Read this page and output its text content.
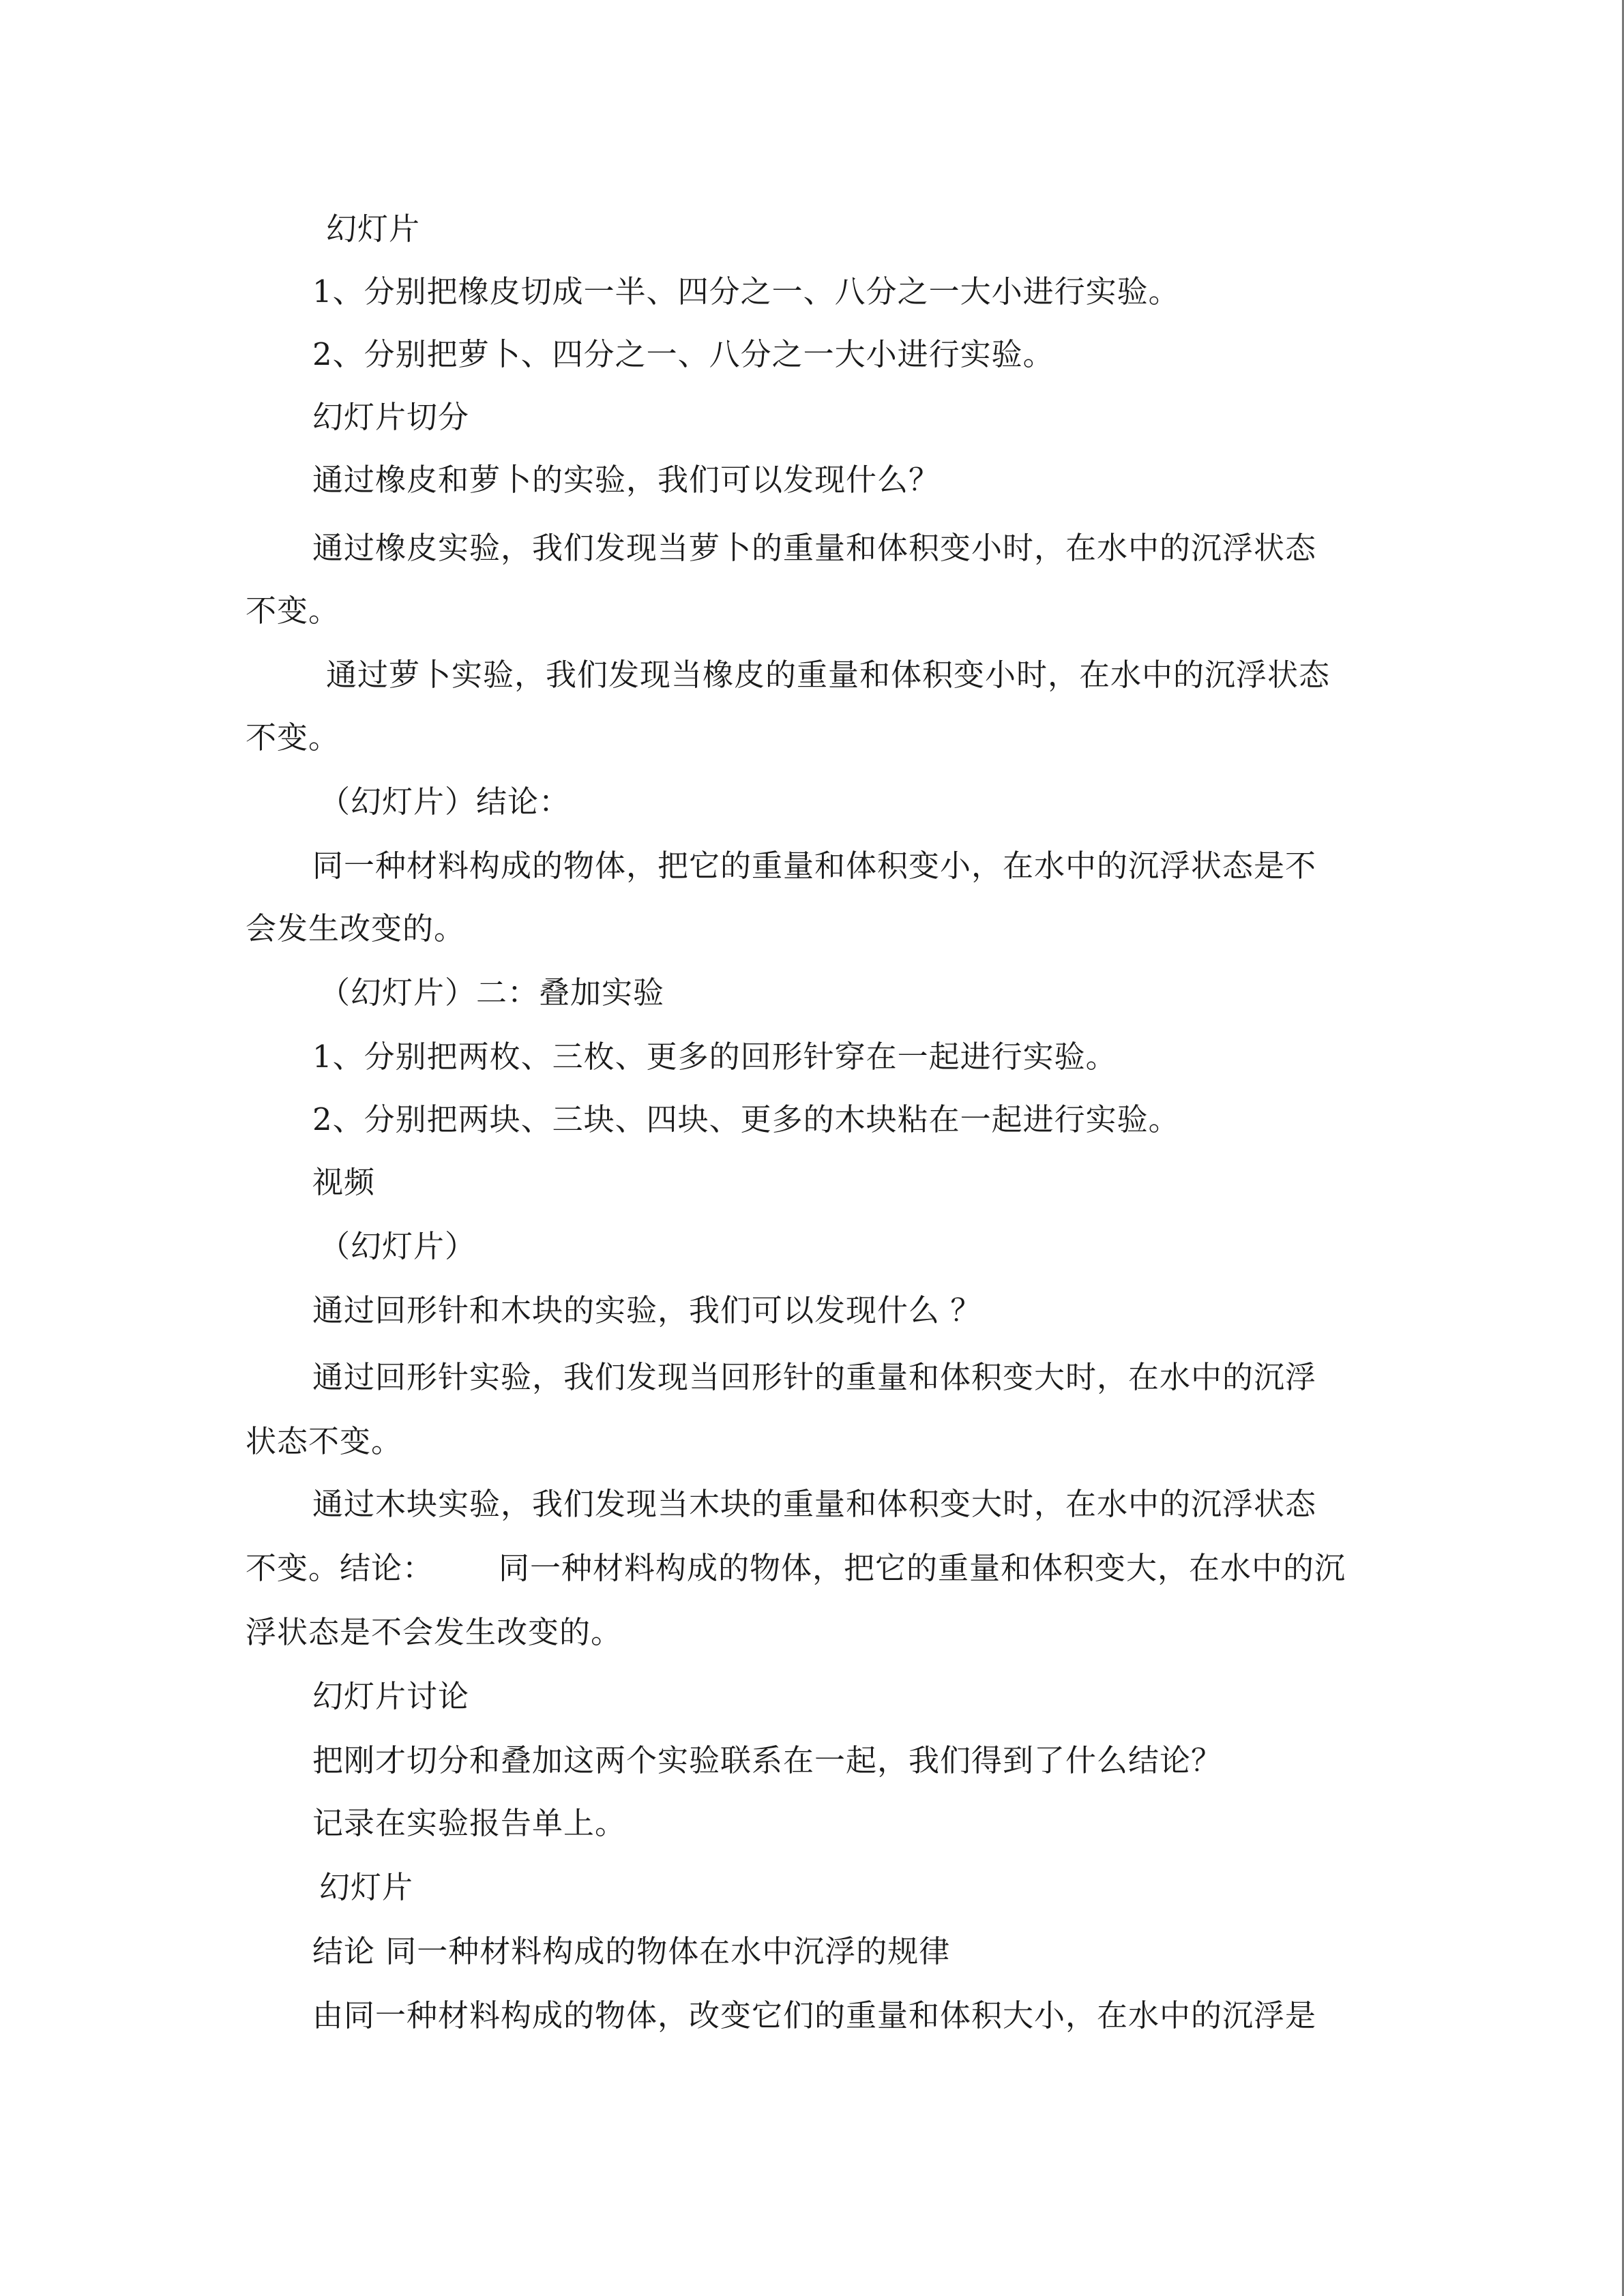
幻灯片
1、分别把橡皮切成一半、四分之一、八分之一大小进行实验。
2、分别把萝卜、四分之一、八分之一大小进行实验。
幻灯片切分
通过橡皮和萝卜的实验，我们可以发现什么？
通过橡皮实验，我们发现当萝卜的重量和体积变小时，在水中的沉浮状态
不变。
通过萝卜实验，我们发现当橡皮的重量和体积变小时，在水中的沉浮状态
不变。
（幻灯片）结论：
同一种材料构成的物体，把它的重量和体积变小，在水中的沉浮状态是不
会发生改变的。
（幻灯片）二：叠加实验
1、分别把两枚、三枚、更多的回形针穿在一起进行实验。
2、分别把两块、三块、四块、更多的木块粘在一起进行实验。
视频
（幻灯片）
通过回形针和木块的实验，我们可以发现什么 ？
通过回形针实验，我们发现当回形针的重量和体积变大时，在水中的沉浮
状态不变。
通过木块实验，我们发现当木块的重量和体积变大时，在水中的沉浮状态
不变。结论： 同一种材料构成的物体，把它的重量和体积变大，在水中的沉
浮状态是不会发生改变的。
幻灯片讨论
把刚才切分和叠加这两个实验联系在一起，我们得到了什么结论？
记录在实验报告单上。
幻灯片
结论 同一种材料构成的物体在水中沉浮的规律
由同一种材料构成的物体，改变它们的重量和体积大小，在水中的沉浮是
